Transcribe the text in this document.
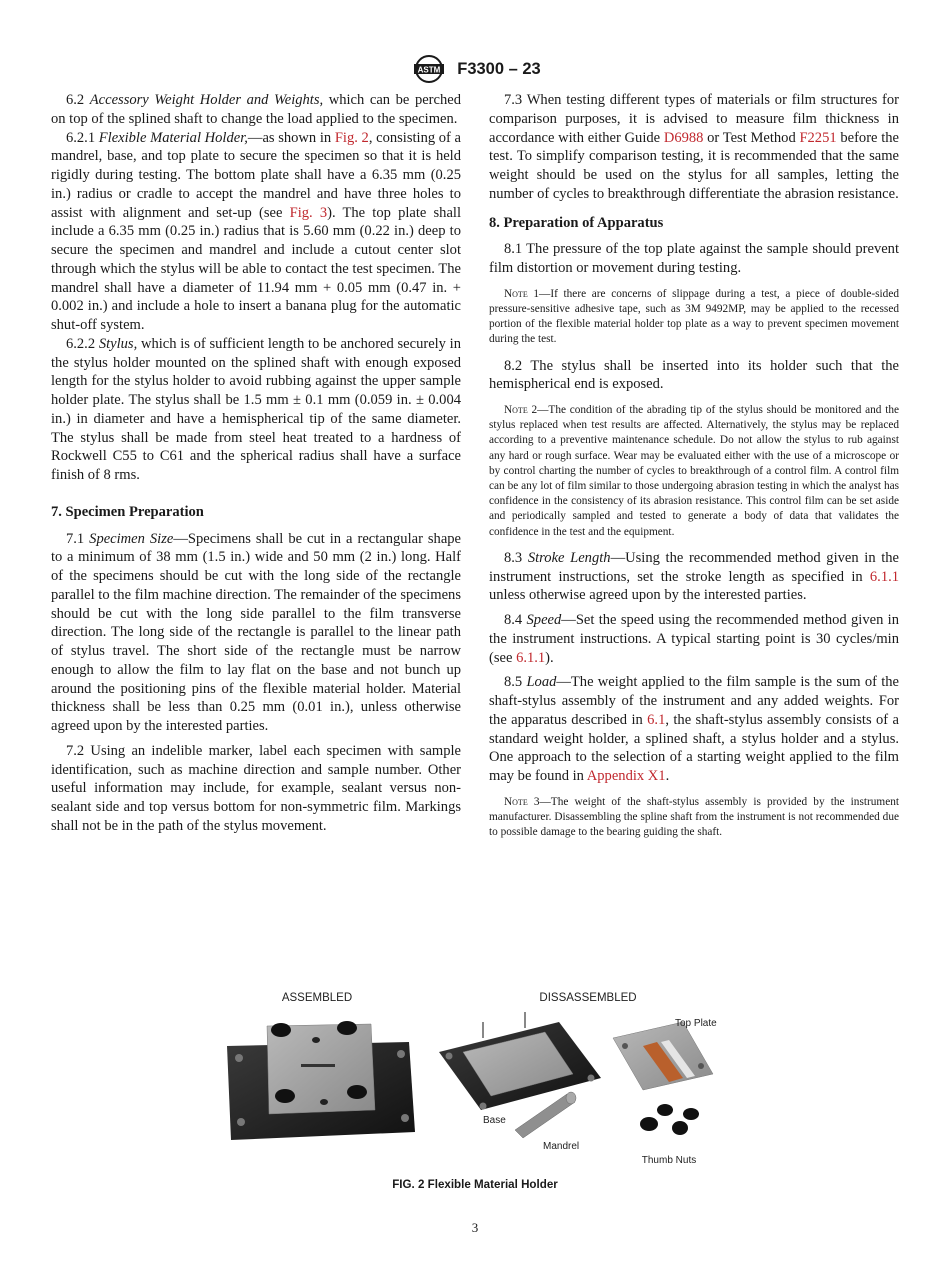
ASTM F3300 – 23

6.2 Accessory Weight Holder and Weights, which can be perched on top of the splined shaft to change the load applied to the specimen.

6.2.1 Flexible Material Holder,—as shown in Fig. 2, consisting of a mandrel, base, and top plate to secure the specimen so that it is held rigidly during testing. The bottom plate shall have a 6.35 mm (0.25 in.) radius or cradle to accept the mandrel and have three holes to assist with alignment and set-up (see Fig. 3). The top plate shall include a 6.35 mm (0.25 in.) radius that is 5.60 mm (0.22 in.) deep to secure the specimen and mandrel and include a cutout center slot through which the stylus will be able to contact the test specimen. The mandrel shall have a diameter of 11.94 mm + 0.05 mm (0.47 in. + 0.002 in.) and include a hole to insert a banana plug for the automatic shut-off system.

6.2.2 Stylus, which is of sufficient length to be anchored securely in the stylus holder mounted on the splined shaft with enough exposed length for the stylus holder to avoid rubbing against the upper sample holder plate. The stylus shall be 1.5 mm ± 0.1 mm (0.059 in. ± 0.004 in.) in diameter and have a hemispherical tip of the same diameter. The stylus shall be made from steel heat treated to a hardness of Rockwell C55 to C61 and the spherical radius shall have a surface finish of 8 rms.

7. Specimen Preparation

7.1 Specimen Size—Specimens shall be cut in a rectangular shape to a minimum of 38 mm (1.5 in.) wide and 50 mm (2 in.) long. Half of the specimens should be cut with the long side of the rectangle parallel to the film machine direction. The remainder of the specimens should be cut with the long side parallel to the film transverse direction. The long side of the rectangle is parallel to the linear path of stylus travel. The short side of the rectangle must be narrow enough to allow the film to lay flat on the base and not bunch up around the positioning pins of the flexible material holder. Material thickness shall be less than 0.25 mm (0.01 in.), unless otherwise agreed upon by the interested parties.

7.2 Using an indelible marker, label each specimen with sample identification, such as machine direction and sample number. Other useful information may include, for example, sealant versus non-sealant side and top versus bottom for non-symmetric film. Markings shall not be in the path of the stylus movement.

7.3 When testing different types of materials or film structures for comparison purposes, it is advised to measure film thickness in accordance with either Guide D6988 or Test Method F2251 before the test. To simplify comparison testing, it is recommended that the same weight should be used on the stylus for all samples, letting the number of cycles to breakthrough differentiate the abrasion resistance.

8. Preparation of Apparatus

8.1 The pressure of the top plate against the sample should prevent film distortion or movement during testing.

Note 1—If there are concerns of slippage during a test, a piece of double-sided pressure-sensitive adhesive tape, such as 3M 9492MP, may be applied to the recessed portion of the flexible material holder top plate as a way to prevent specimen movement during the test.

8.2 The stylus shall be inserted into its holder such that the hemispherical end is exposed.

Note 2—The condition of the abrading tip of the stylus should be monitored and the stylus replaced when test results are affected. Alternatively, the stylus may be replaced according to a preventive maintenance schedule. Do not allow the stylus to rub against any hard or rough surface. Wear may be evaluated either with the use of a microscope or by control charting the number of cycles to breakthrough of a control film. A control film can be any lot of film similar to those undergoing abrasion testing in which the analyst has confidence in the consistency of its abrasion resistance. This control film can be set aside and periodically sampled and tested to generate a body of data that validates the confidence in the test and the equipment.

8.3 Stroke Length—Using the recommended method given in the instrument instructions, set the stroke length as specified in 6.1.1 unless otherwise agreed upon by the interested parties.

8.4 Speed—Set the speed using the recommended method given in the instrument instructions. A typical starting point is 30 cycles/min (see 6.1.1).

8.5 Load—The weight applied to the film sample is the sum of the shaft-stylus assembly of the instrument and any added weights. For the apparatus described in 6.1, the shaft-stylus assembly consists of a standard weight holder, a splined shaft, a stylus holder and a stylus. One approach to the selection of a starting weight applied to the film may be found in Appendix X1.

Note 3—The weight of the shaft-stylus assembly is provided by the instrument manufacturer. Disassembling the spline shaft from the instrument is not recommended due to possible damage to the bearing guiding the shaft.

ASSEMBLED	DISSASSEMBLED
Base
Top Plate
Mandrel
Thumb Nuts
FIG. 2 Flexible Material Holder
3
